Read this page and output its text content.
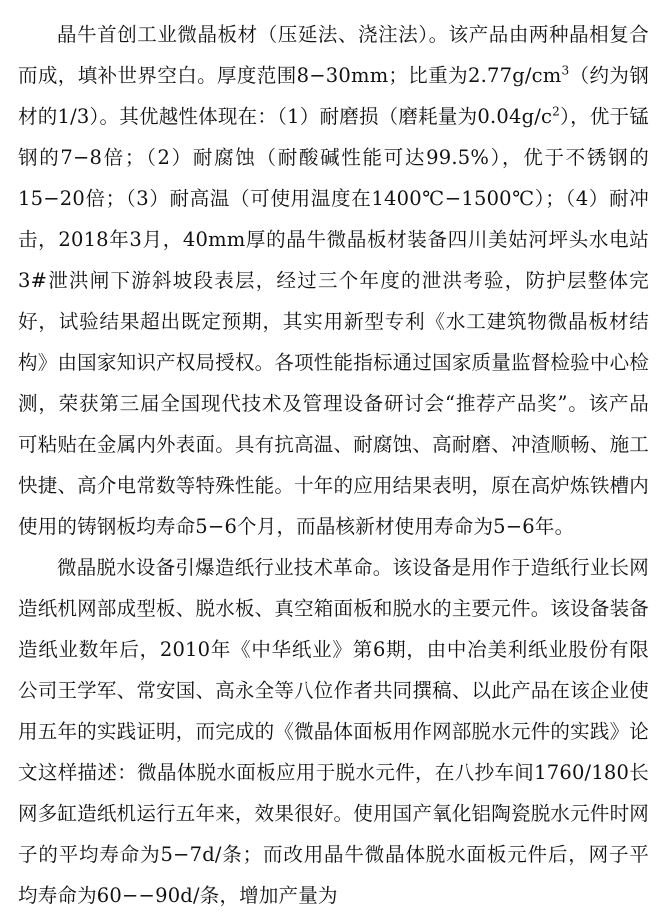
晶牛首创工业微晶板材（压延法、浇注法）。该产品由两种晶相复合而成，填补世界空白。厚度范围8−30mm；比重为$2.77g/cm^3$（约为钢材的1/3）。其优越性体现在：（1）耐磨损（磨耗量为$0.04g/c^2$），优于锰钢的7−8倍；（2）耐腐蚀（耐酸碱性能可达99.5%），优于不锈钢的15−20倍；（3）耐高温（可使用温度在1400℃−1500℃）；（4）耐冲击，2018年3月，40mm厚的晶牛微晶板材装备四川美姑河坪头水电站3#泄洪闸下游斜坡段表层，经过三个年度的泄洪考验，防护层整体完好，试验结果超出既定预期，其实用新型专利《水工建筑物微晶板材结构》由国家知识产权局授权。各项性能指标通过国家质量监督检验中心检测，荣获第三届全国现代技术及管理设备研讨会“推荐产品奖”。该产品可粘贴在金属内外表面。具有抗高温、耐腐蚀、高耐磨、冲渣顺畅、施工快捷、高介电常数等特殊性能。十年的应用结果表明，原在高炉炼铁槽内使用的铸钢板均寿命5−6个月，而晶核新材使用寿命为5−6年。

微晶脱水设备引爆造纸行业技术革命。该设备是用作于造纸行业长网造纸机网部成型板、脱水板、真空箱面板和脱水的主要元件。该设备装备造纸业数年后，2010年《中华纸业》第6期，由中冶美利纸业股份有限公司王学军、常安国、高永全等八位作者共同撰稿、以此产品在该企业使用五年的实践证明，而完成的《微晶体面板用作网部脱水元件的实践》论文这样描述：微晶体脱水面板应用于脱水元件，在八抄车间1760/180长网多缸造纸机运行五年来，效果很好。使用国产氧化铝陶瓷脱水元件时网子的平均寿命为5−7d/条；而改用晶牛微晶体脱水面板元件后，网子平均寿命为60−−90d/条，增加产量为
